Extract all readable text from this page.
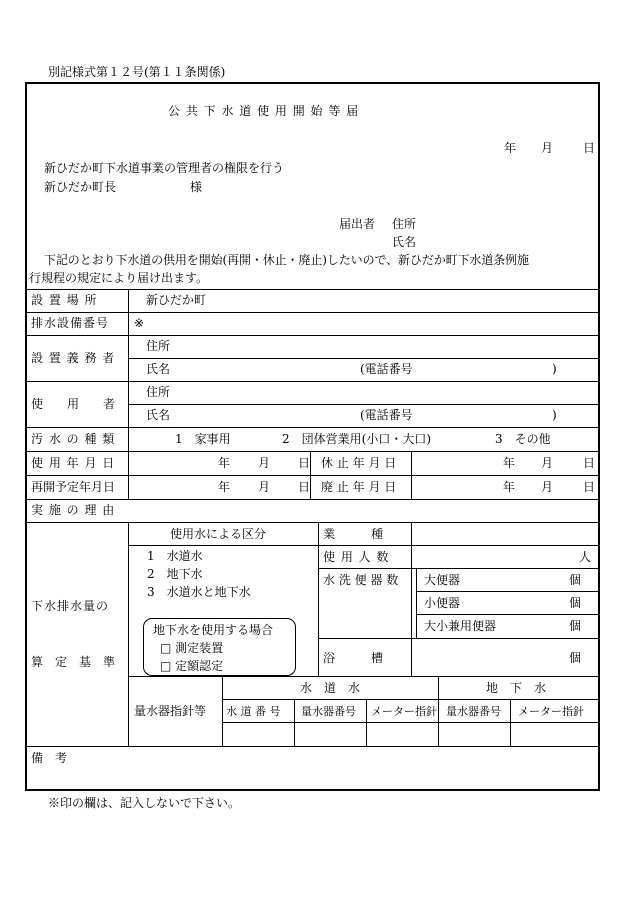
別記様式第１２号(第１１条関係)
公 共 下 水 道 使 用 開 始 等 届
年 月 日
新ひだか町下水道事業の管理者の権限を行う
新ひだか町長	様
届出者 住所
氏名
下記のとおり下水道の供用を開始(再開・休止・廃止)したいので、新ひだか町下水道条例施
行規程の規定により届け出ます。
設 置 場 所	新ひだか町
排水設備番号 ※
設 置 義 務 者
住所
氏名	(電話番号	)
使　　用　　者
住所
氏名	(電話番号	)
汚 水 の 種 類	1　家事用	2　団体営業用(小口・大口)	3　その他
使 用 年 月 日	年 月 日 休 止 年 月 日	年 月 日
再開予定年月日	年 月 日 廃 止 年 月 日	年 月 日
実 施 の 理 由
下水排水量の
算　定　基　準
使用水による区分
1　水道水
2　地下水
3　水道水と地下水
地下水を使用する場合
□ 測定装置
□ 定額認定
業　　　種
使 用 人 数	人
水 洗 便 器 数 大便器	個
小便器	個
大小兼用便器	個
浴　　　槽	個
量水器指針等
水　道　水	地　下　水
水 道 番 号 量水器番号 メーター指針 量水器番号 メーター指針
備　考
※印の欄は、記入しないで下さい。
